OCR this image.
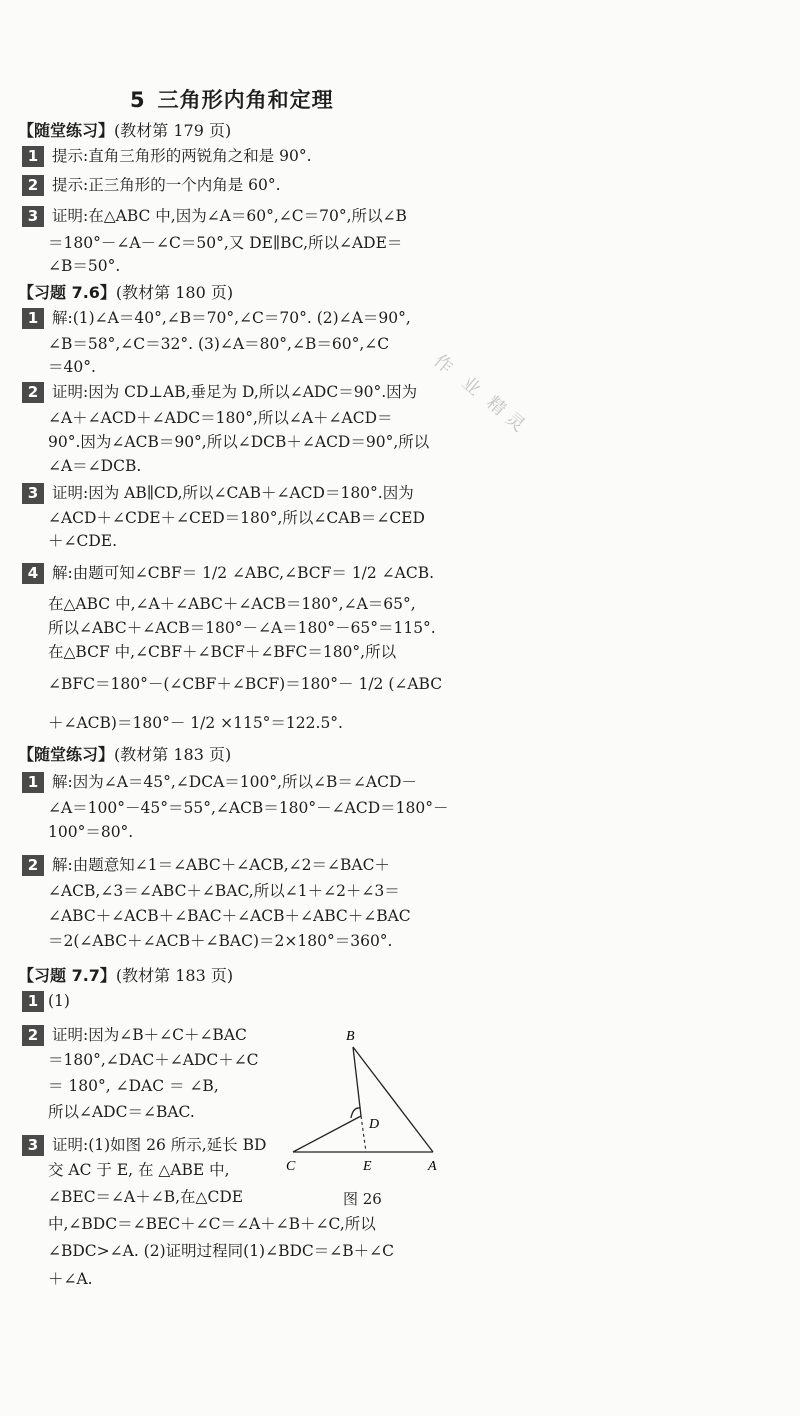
作
业
精
灵
5 三角形内角和定理
【随堂练习】(教材第 179 页)
1 提示:直角三角形的两锐角之和是 90°.
2 提示:正三角形的一个内角是 60°.
3 证明:在△ABC 中,因为∠A＝60°,∠C＝70°,所以∠B
＝180°－∠A－∠C＝50°,又 DE∥BC,所以∠ADE＝
∠B＝50°.
【习题 7.6】(教材第 180 页)
1 解:(1)∠A＝40°,∠B＝70°,∠C＝70°. (2)∠A＝90°,
∠B＝58°,∠C＝32°. (3)∠A＝80°,∠B＝60°,∠C
＝40°.
2 证明:因为 CD⊥AB,垂足为 D,所以∠ADC＝90°.因为
∠A＋∠ACD＋∠ADC＝180°,所以∠A＋∠ACD＝
90°.因为∠ACB＝90°,所以∠DCB＋∠ACD＝90°,所以
∠A＝∠DCB.
3 证明:因为 AB∥CD,所以∠CAB＋∠ACD＝180°.因为
∠ACD＋∠CDE＋∠CED＝180°,所以∠CAB＝∠CED
＋∠CDE.
4 解:由题可知∠CBF＝ 1/2 ∠ABC,∠BCF＝ 1/2 ∠ACB.
在△ABC 中,∠A＋∠ABC＋∠ACB＝180°,∠A＝65°,
所以∠ABC＋∠ACB＝180°－∠A＝180°－65°＝115°.
在△BCF 中,∠CBF＋∠BCF＋∠BFC＝180°,所以
∠BFC＝180°－(∠CBF＋∠BCF)＝180°－ 1/2 (∠ABC
＋∠ACB)＝180°－ 1/2 ×115°＝122.5°.
【随堂练习】(教材第 183 页)
1 解:因为∠A＝45°,∠DCA＝100°,所以∠B＝∠ACD－
∠A＝100°－45°＝55°,∠ACB＝180°－∠ACD＝180°－
100°＝80°.
2 解:由题意知∠1＝∠ABC＋∠ACB,∠2＝∠BAC＋
∠ACB,∠3＝∠ABC＋∠BAC,所以∠1＋∠2＋∠3＝
∠ABC＋∠ACB＋∠BAC＋∠ACB＋∠ABC＋∠BAC
＝2(∠ABC＋∠ACB＋∠BAC)＝2×180°＝360°.
【习题 7.7】(教材第 183 页)
1 (1)
2 证明:因为∠B＋∠C＋∠BAC
＝180°,∠DAC＋∠ADC＋∠C
＝ 180°, ∠DAC ＝ ∠B,
所以∠ADC＝∠BAC.
3 证明:(1)如图 26 所示,延长 BD
交 AC 于 E, 在 △ABE 中,
∠BEC＝∠A＋∠B,在△CDE
中,∠BDC＝∠BEC＋∠C＝∠A＋∠B＋∠C,所以
∠BDC>∠A. (2)证明过程同(1)∠BDC＝∠B＋∠C
＋∠A.
B
D
C	E	A
图 26
